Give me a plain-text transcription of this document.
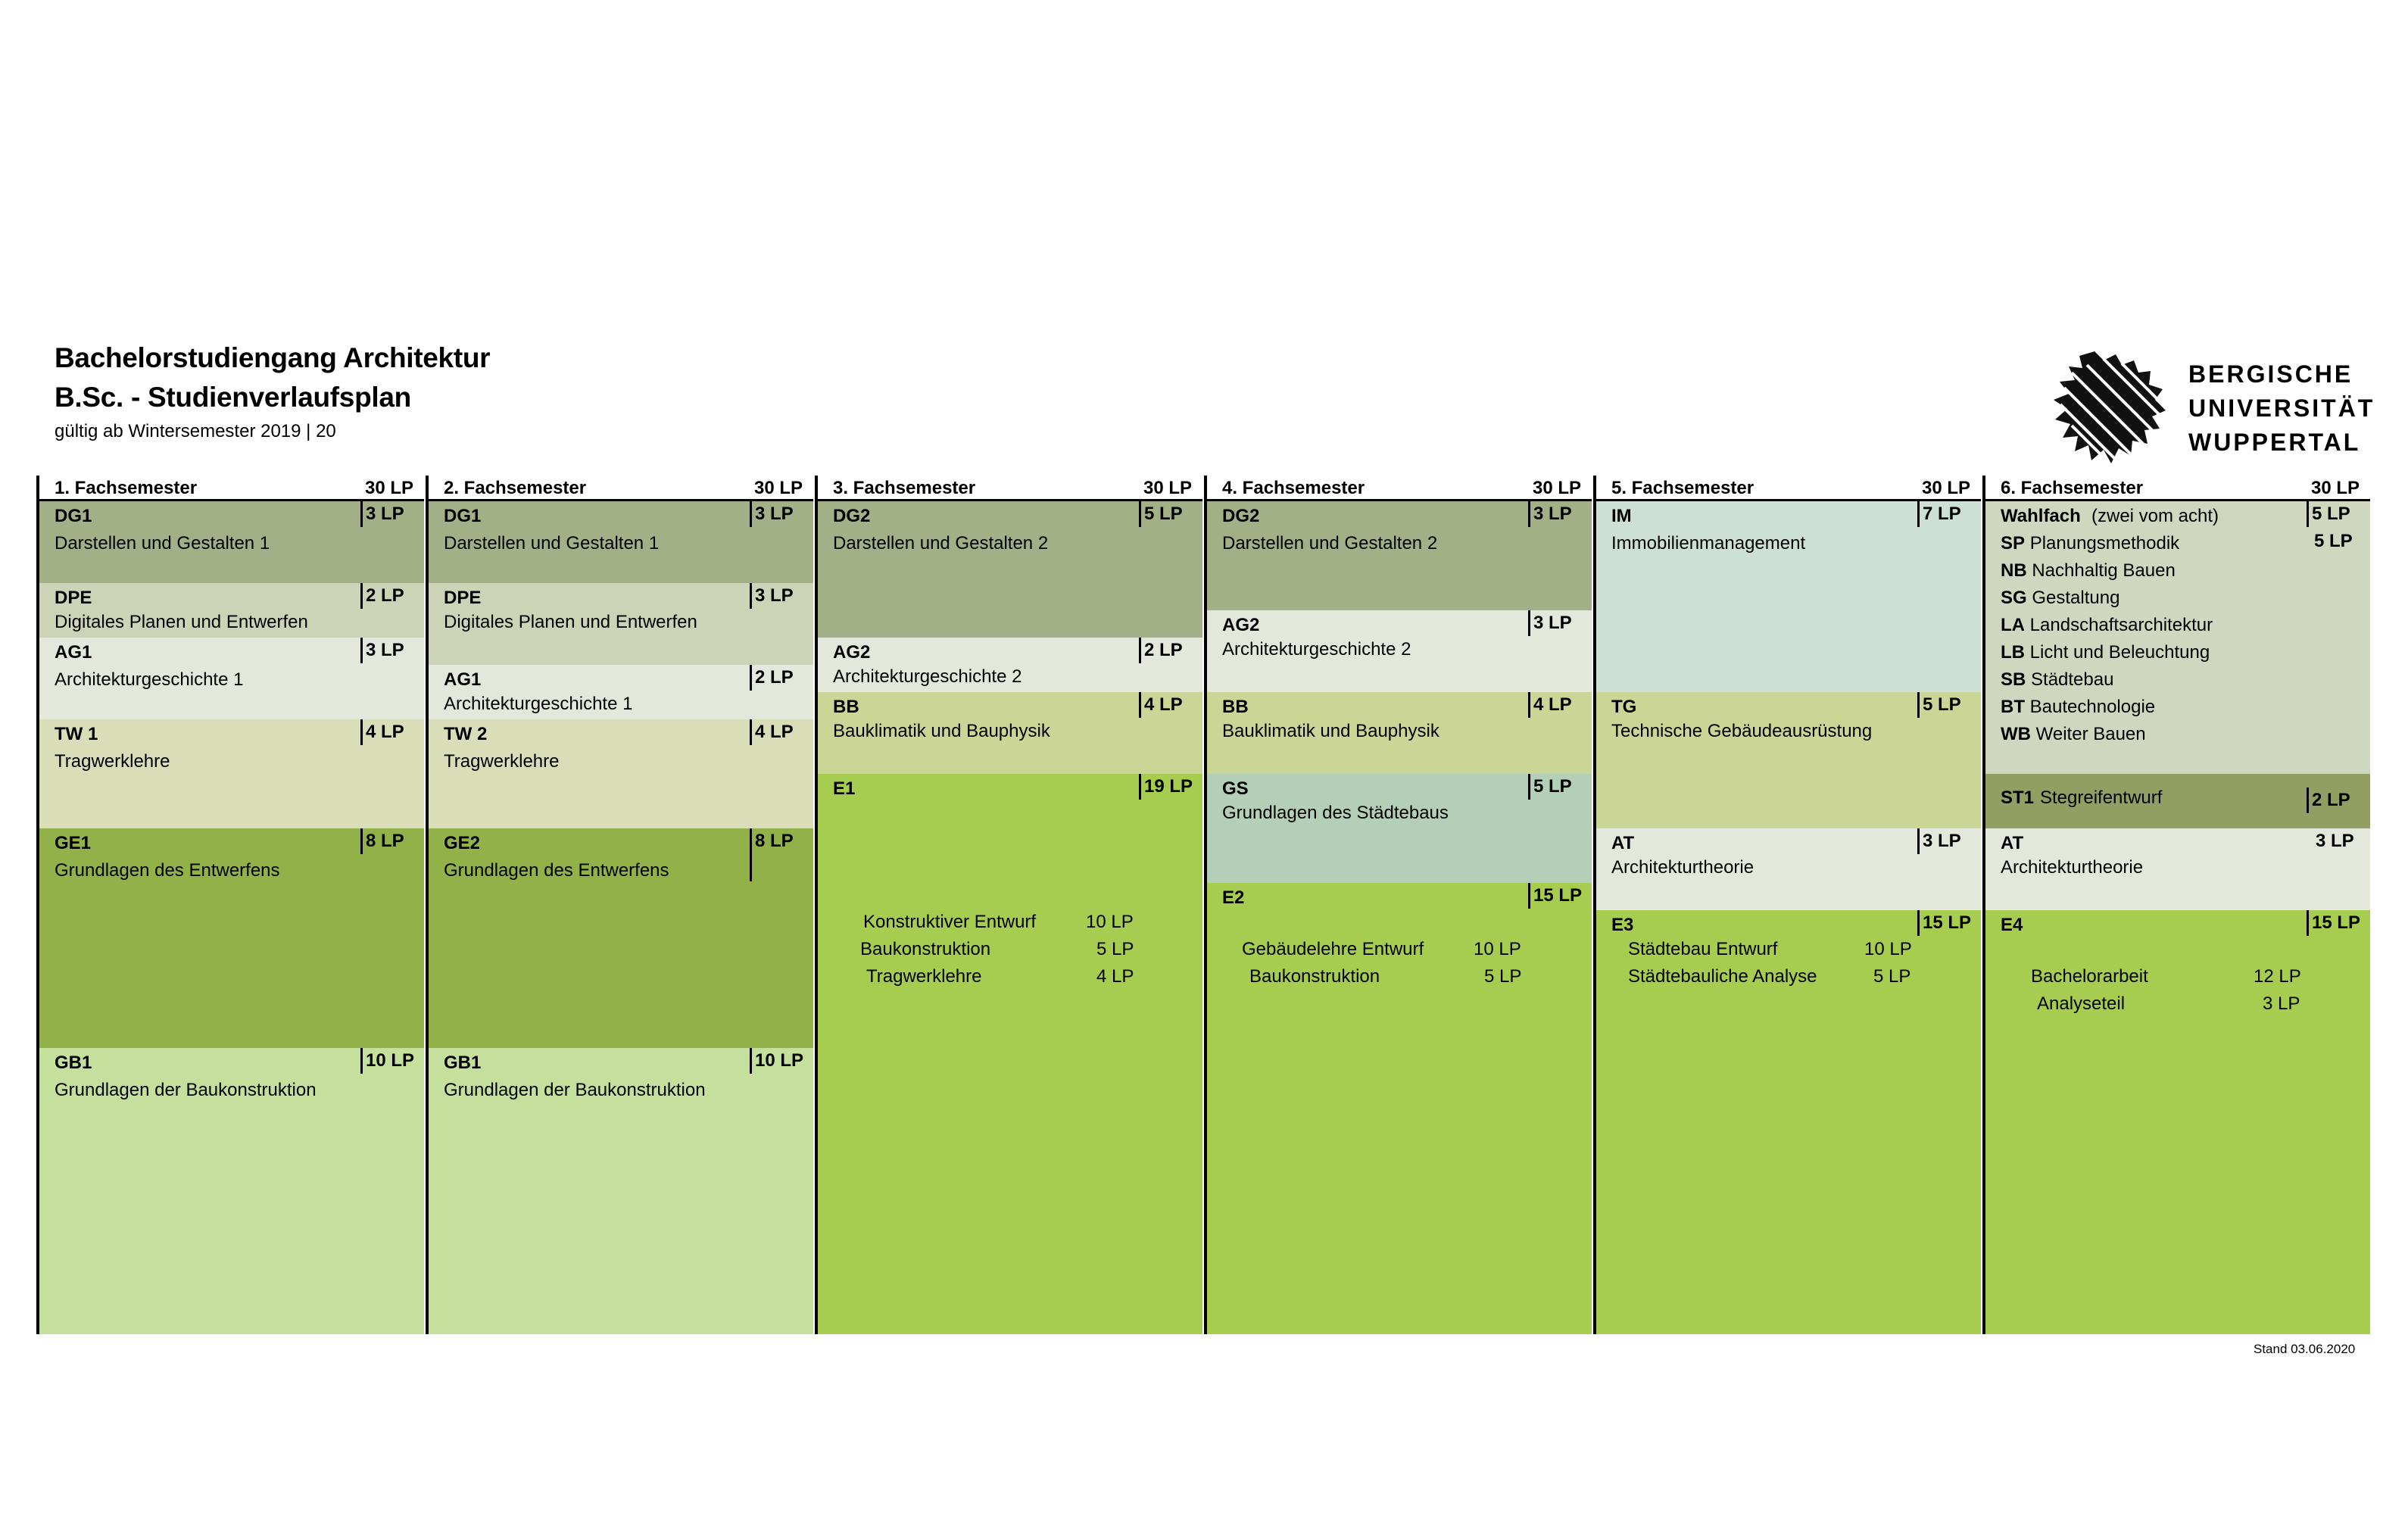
Bachelorstudiengang Architektur
B.Sc. - Studienverlaufsplan
gültig ab Wintersemester 2019 | 20
BERGISCHE
UNIVERSITÄT
WUPPERTAL
1. Fachsemester	30 LP
DG1
Darstellen und Gestalten 1
3 LP
DPE
Digitales Planen und Entwerfen
2 LP
AG1
Architekturgeschichte 1
3 LP
TW 1
Tragwerklehre
4 LP
GE1
Grundlagen des Entwerfens
8 LP
GB1
Grundlagen der Baukonstruktion
10 LP
2. Fachsemester	30 LP
DG1
Darstellen und Gestalten 1
3 LP
DPE
Digitales Planen und Entwerfen
3 LP
AG1
Architekturgeschichte 1
2 LP
TW 2
Tragwerklehre
4 LP
GE2
Grundlagen des Entwerfens
8 LP
GB1
Grundlagen der Baukonstruktion
10 LP
3. Fachsemester	30 LP
DG2
Darstellen und Gestalten 2
5 LP
AG2
Architekturgeschichte 2
2 LP
BB
Bauklimatik und Bauphysik
4 LP
E1	19 LP
Konstruktiver Entwurf	10 LP
Baukonstruktion	5 LP
Tragwerklehre	4 LP
4. Fachsemester	30 LP
DG2
Darstellen und Gestalten 2
3 LP
AG2
Architekturgeschichte 2
3 LP
BB
Bauklimatik und Bauphysik
4 LP
GS
Grundlagen des Städtebaus
5 LP
E2	15 LP
Gebäudelehre Entwurf	10 LP
Baukonstruktion	5 LP
5. Fachsemester	30 LP
IM
Immobilienmanagement
7 LP
TG
Technische Gebäudeausrüstung
5 LP
AT
Architekturtheorie
3 LP
E3	15 LP
Städtebau Entwurf	10 LP
Städtebauliche Analyse	5 LP
6. Fachsemester	30 LP
Wahlfach (zwei vom acht)	5 LP
5 LP
SP Planungsmethodik
NB Nachhaltig Bauen
SG Gestaltung
LA Landschaftsarchitektur
LB Licht und Beleuchtung
SB Städtebau
BT Bautechnologie
WB Weiter Bauen
ST1 Stegreifentwurf	2 LP
AT
Architekturtheorie
3 LP
E4	15 LP
Bachelorarbeit	12 LP
Analyseteil	3 LP
Stand 03.06.2020
